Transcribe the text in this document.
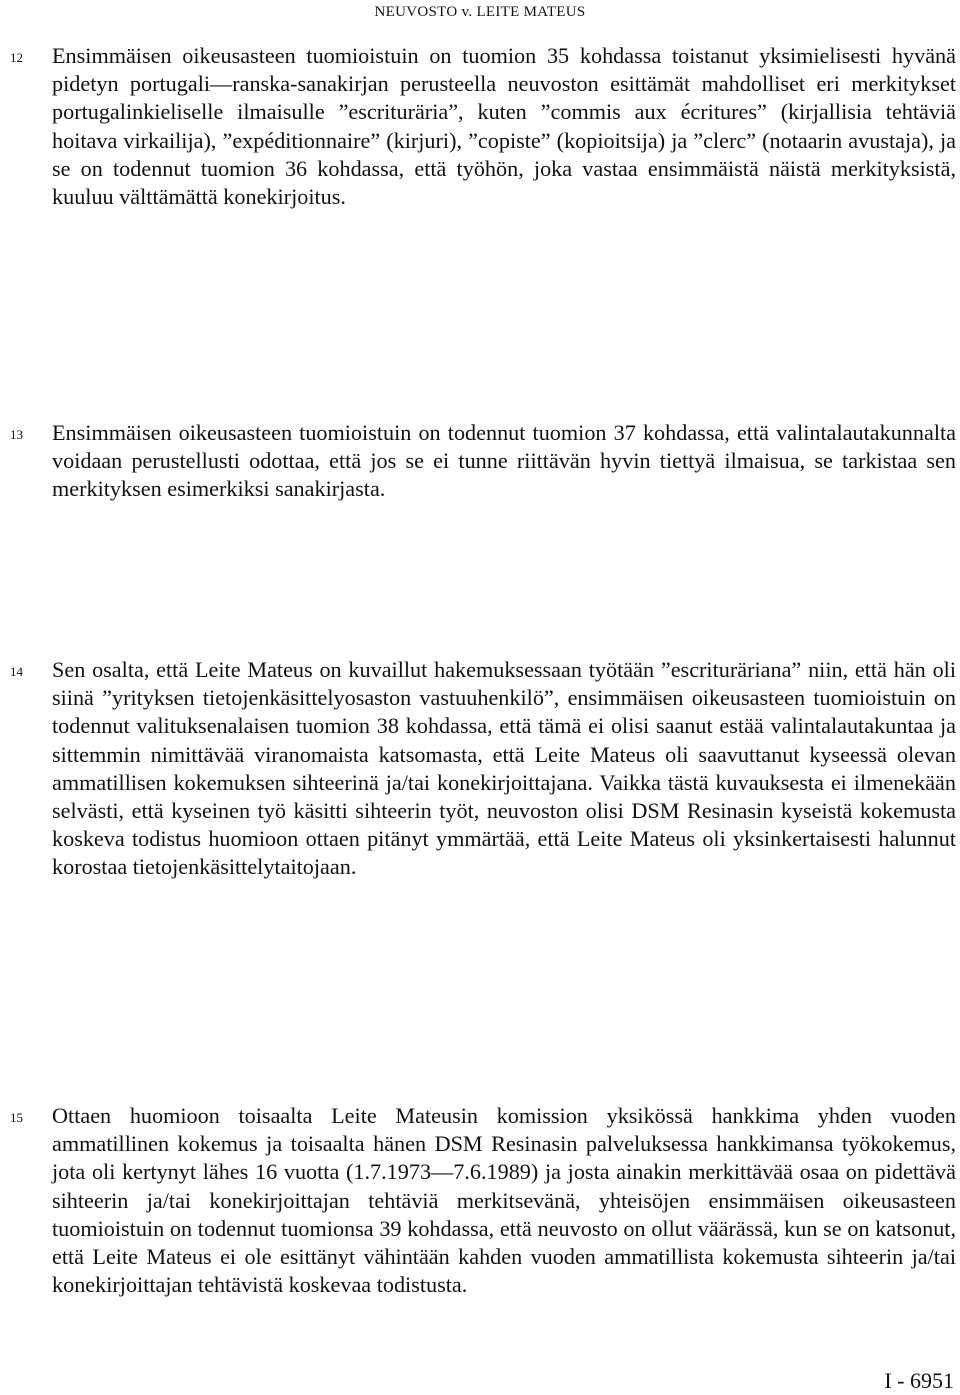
NEUVOSTO v. LEITE MATEUS
12 Ensimmäisen oikeusasteen tuomioistuin on tuomion 35 kohdassa toistanut yksimielisesti hyvänä pidetyn portugali—ranska-sanakirjan perusteella neuvoston esittämät mahdolliset eri merkitykset portugalinkieliselle ilmaisulle ”escrituräria”, kuten ”commis aux écritures” (kirjallisia tehtäviä hoitava virkailija), ”expéditionnaire” (kirjuri), ”copiste” (kopioitsija) ja ”clerc” (notaarin avustaja), ja se on todennut tuomion 36 kohdassa, että työhön, joka vastaa ensimmäistä näistä merkityksistä, kuuluu välttämättä konekirjoitus.
13 Ensimmäisen oikeusasteen tuomioistuin on todennut tuomion 37 kohdassa, että valintalautakunnalta voidaan perustellusti odottaa, että jos se ei tunne riittävän hyvin tiettyä ilmaisua, se tarkistaa sen merkityksen esimerkiksi sanakirjasta.
14 Sen osalta, että Leite Mateus on kuvaillut hakemuksessaan työtään ”escrituräriana” niin, että hän oli siinä ”yrityksen tietojenkäsittelyosaston vastuuhenkilö”, ensimmäisen oikeusasteen tuomioistuin on todennut valituksenalaisen tuomion 38 kohdassa, että tämä ei olisi saanut estää valintalautakuntaa ja sittemmin nimittävää viranomaista katsomasta, että Leite Mateus oli saavuttanut kyseessä olevan ammatillisen kokemuksen sihteerinä ja/tai konekirjoittajana. Vaikka tästä kuvauksesta ei ilmenekään selvästi, että kyseinen työ käsitti sihteerin työt, neuvoston olisi DSM Resinasin kyseistä kokemusta koskeva todistus huomioon ottaen pitänyt ymmärtää, että Leite Mateus oli yksinkertaisesti halunnut korostaa tietojenkäsittelytaitojaan.
15 Ottaen huomioon toisaalta Leite Mateusin komission yksikössä hankkima yhden vuoden ammatillinen kokemus ja toisaalta hänen DSM Resinasin palveluksessa hankkimansa työkokemus, jota oli kertynyt lähes 16 vuotta (1.7.1973—7.6.1989) ja josta ainakin merkittävää osaa on pidettävä sihteerin ja/tai konekirjoittajan tehtäviä merkitsevänä, yhteisöjen ensimmäisen oikeusasteen tuomioistuin on todennut tuomionsa 39 kohdassa, että neuvosto on ollut väärässä, kun se on katsonut, että Leite Mateus ei ole esittänyt vähintään kahden vuoden ammatillista kokemusta sihteerin ja/tai konekirjoittajan tehtävistä koskevaa todistusta.
I - 6951
